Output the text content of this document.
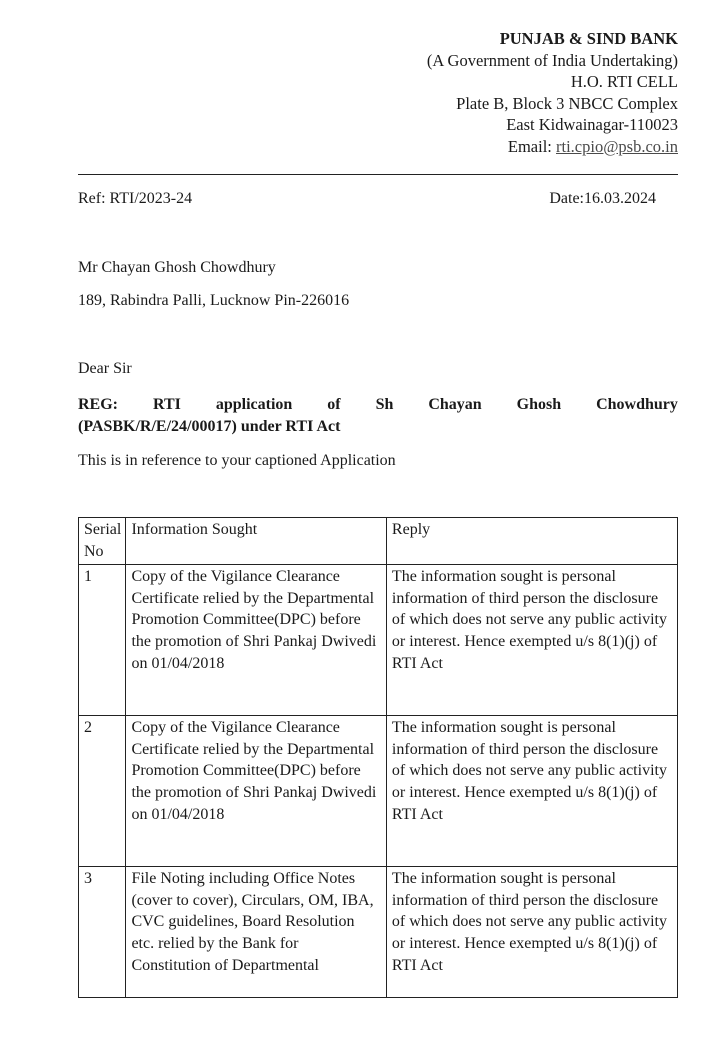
PUNJAB & SIND BANK
(A Government of India Undertaking)
H.O. RTI CELL
Plate B, Block 3 NBCC Complex
East Kidwainagar-110023
Email: rti.cpio@psb.co.in
Ref: RTI/2023-24	Date:16.03.2024
Mr Chayan Ghosh Chowdhury
189, Rabindra Palli, Lucknow Pin-226016
Dear Sir
REG: RTI application of Sh Chayan Ghosh Chowdhury
(PASBK/R/E/24/00017) under RTI Act
This is in reference to your captioned Application
Serial No	Information Sought	Reply
1	Copy of the Vigilance Clearance Certificate relied by the Departmental Promotion Committee(DPC) before the promotion of Shri Pankaj Dwivedi on 01/04/2018	The information sought is personal information of third person the disclosure of which does not serve any public activity or interest. Hence exempted u/s 8(1)(j) of RTI Act
2	Copy of the Vigilance Clearance Certificate relied by the Departmental Promotion Committee(DPC) before the promotion of Shri Pankaj Dwivedi on 01/04/2018	The information sought is personal information of third person the disclosure of which does not serve any public activity or interest. Hence exempted u/s 8(1)(j) of RTI Act
3	File Noting including Office Notes (cover to cover), Circulars, OM, IBA, CVC guidelines, Board Resolution etc. relied by the Bank for Constitution of Departmental	The information sought is personal information of third person the disclosure of which does not serve any public activity or interest. Hence exempted u/s 8(1)(j) of RTI Act
